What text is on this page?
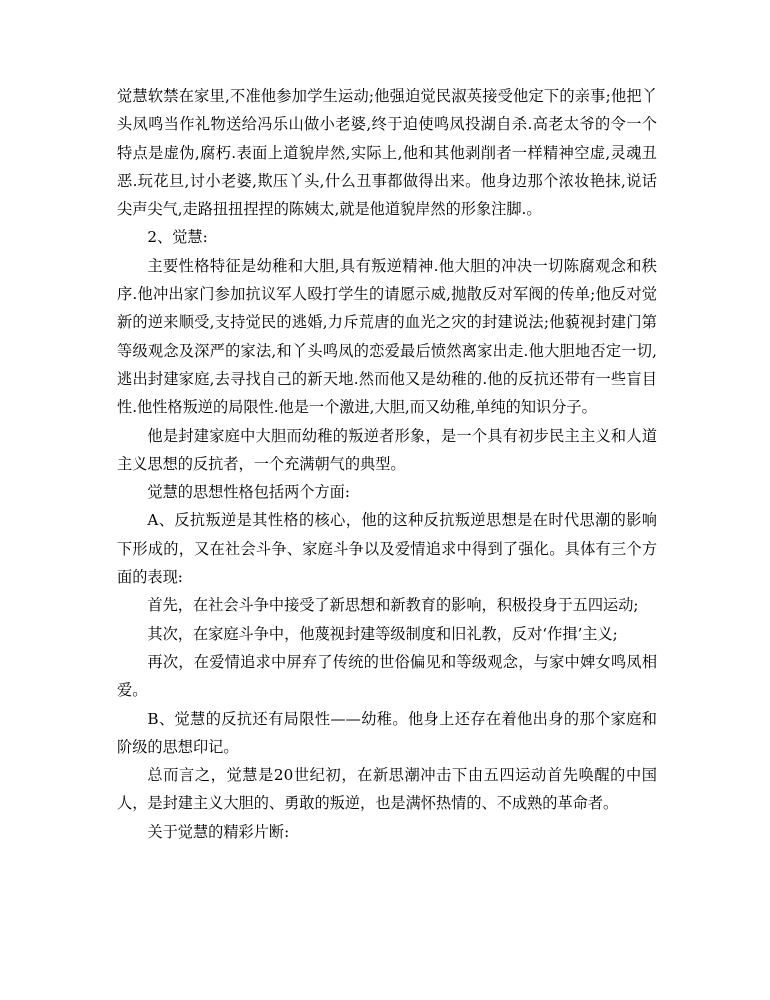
觉慧软禁在家里,不准他参加学生运动;他强迫觉民淑英接受他定下的亲事;他把丫头凤鸣当作礼物送给冯乐山做小老婆,终于迫使鸣凤投湖自杀.高老太爷的令一个特点是虚伪,腐朽.表面上道貌岸然,实际上,他和其他剥削者一样精神空虚,灵魂丑恶.玩花旦,讨小老婆,欺压丫头,什么丑事都做得出来。他身边那个浓妆艳抹,说话尖声尖气,走路扭扭捏捏的陈姨太,就是他道貌岸然的形象注脚.。

2、觉慧:

主要性格特征是幼稚和大胆,具有叛逆精神.他大胆的冲决一切陈腐观念和秩序.他冲出家门参加抗议军人殴打学生的请愿示威,抛散反对军阀的传单;他反对觉新的逆来顺受,支持觉民的逃婚,力斥荒唐的血光之灾的封建说法;他藐视封建门第等级观念及深严的家法,和丫头鸣凤的恋爱最后愤然离家出走.他大胆地否定一切,逃出封建家庭,去寻找自己的新天地.然而他又是幼稚的.他的反抗还带有一些盲目性.他性格叛逆的局限性.他是一个激进,大胆,而又幼稚,单纯的知识分子。

他是封建家庭中大胆而幼稚的叛逆者形象，是一个具有初步民主主义和人道主义思想的反抗者，一个充满朝气的典型。

觉慧的思想性格包括两个方面:

A、反抗叛逆是其性格的核心，他的这种反抗叛逆思想是在时代思潮的影响下形成的，又在社会斗争、家庭斗争以及爱情追求中得到了强化。具体有三个方面的表现:

首先，在社会斗争中接受了新思想和新教育的影响，积极投身于五四运动;

其次，在家庭斗争中，他蔑视封建等级制度和旧礼教，反对‘作揖’主义;

再次，在爱情追求中屏弃了传统的世俗偏见和等级观念，与家中婢女鸣凤相爱。

B、觉慧的反抗还有局限性——幼稚。他身上还存在着他出身的那个家庭和阶级的思想印记。

总而言之，觉慧是20世纪初，在新思潮冲击下由五四运动首先唤醒的中国人，是封建主义大胆的、勇敢的叛逆，也是满怀热情的、不成熟的革命者。

关于觉慧的精彩片断:
